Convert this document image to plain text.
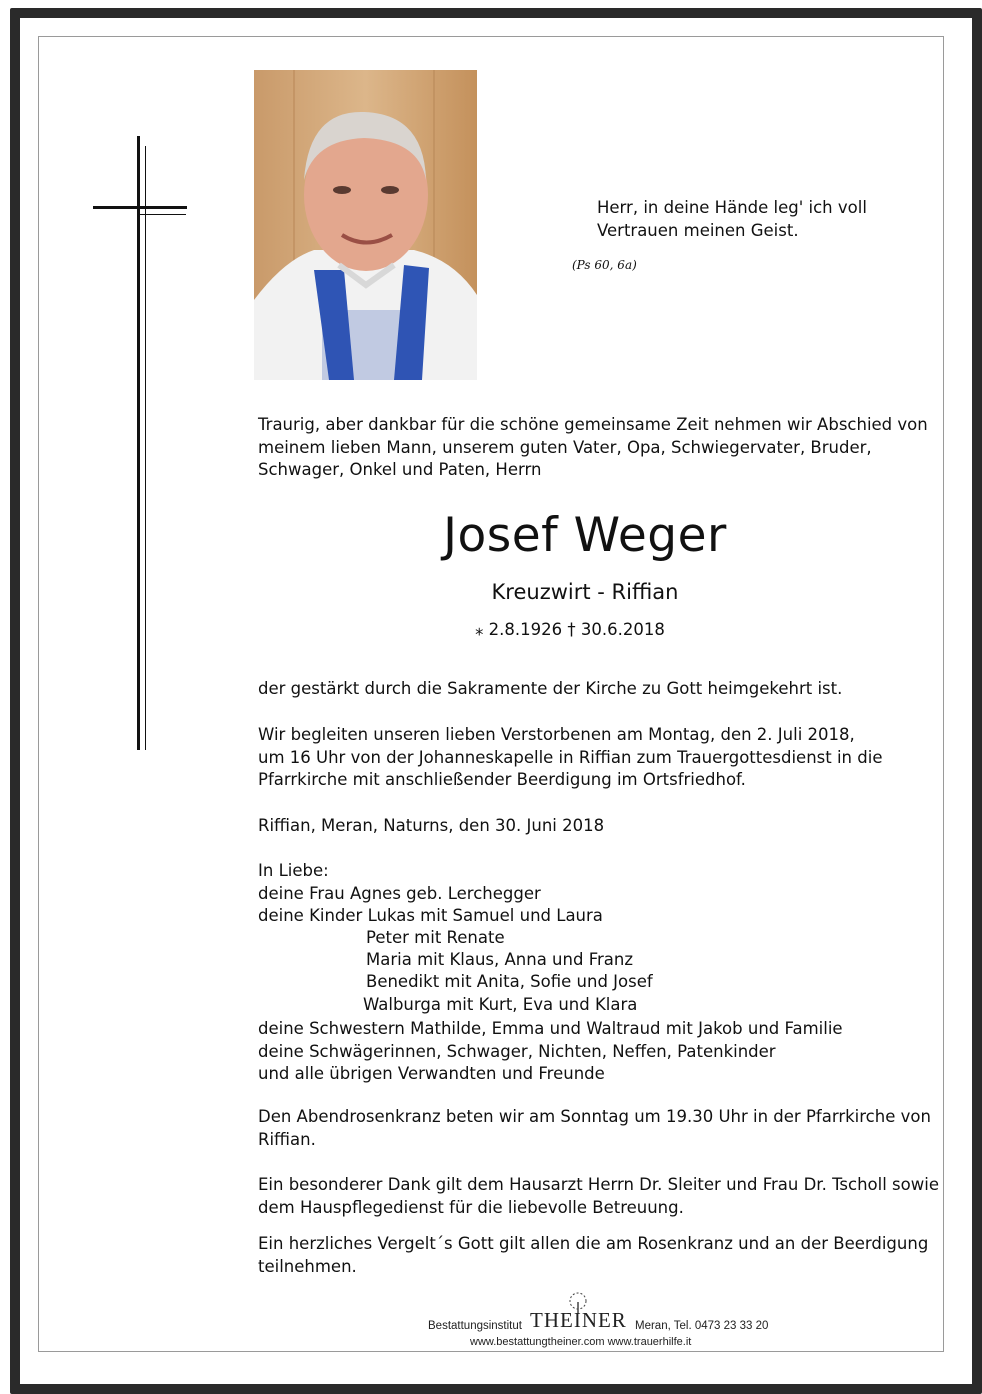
Herr, in deine Hände leg' ich voll
Vertrauen meinen Geist.
(Ps 60, 6a)
Traurig, aber dankbar für die schöne gemeinsame Zeit nehmen wir Abschied von
meinem lieben Mann, unserem guten Vater, Opa, Schwiegervater, Bruder,
Schwager, Onkel und Paten, Herrn
Josef Weger
Kreuzwirt - Riffian
⁎ 2.8.1926 † 30.6.2018
der gestärkt durch die Sakramente der Kirche zu Gott heimgekehrt ist.
Wir begleiten unseren lieben Verstorbenen am Montag, den 2. Juli 2018,
um 16 Uhr von der Johanneskapelle in Riffian zum Trauergottesdienst in die
Pfarrkirche mit anschließender Beerdigung im Ortsfriedhof.
Riffian, Meran, Naturns, den 30. Juni 2018
In Liebe:
deine Frau Agnes geb. Lerchegger
deine Kinder Lukas mit Samuel und Laura
Peter mit Renate
Maria mit Klaus, Anna und Franz
Benedikt mit Anita, Sofie und Josef
Walburga mit Kurt, Eva und Klara
deine Schwestern Mathilde, Emma und Waltraud mit Jakob und Familie
deine Schwägerinnen, Schwager, Nichten, Neffen, Patenkinder
und alle übrigen Verwandten und Freunde
Den Abendrosenkranz beten wir am Sonntag um 19.30 Uhr in der Pfarrkirche von
Riffian.
Ein besonderer Dank gilt dem Hausarzt Herrn Dr. Sleiter und Frau Dr. Tscholl sowie
dem Hauspflegedienst für die liebevolle Betreuung.
Ein herzliches Vergelt´s Gott gilt allen die am Rosenkranz und an der Beerdigung
teilnehmen.
Bestattungsinstitut THEINER Meran, Tel. 0473 23 33 20
www.bestattungtheiner.com www.trauerhilfe.it
